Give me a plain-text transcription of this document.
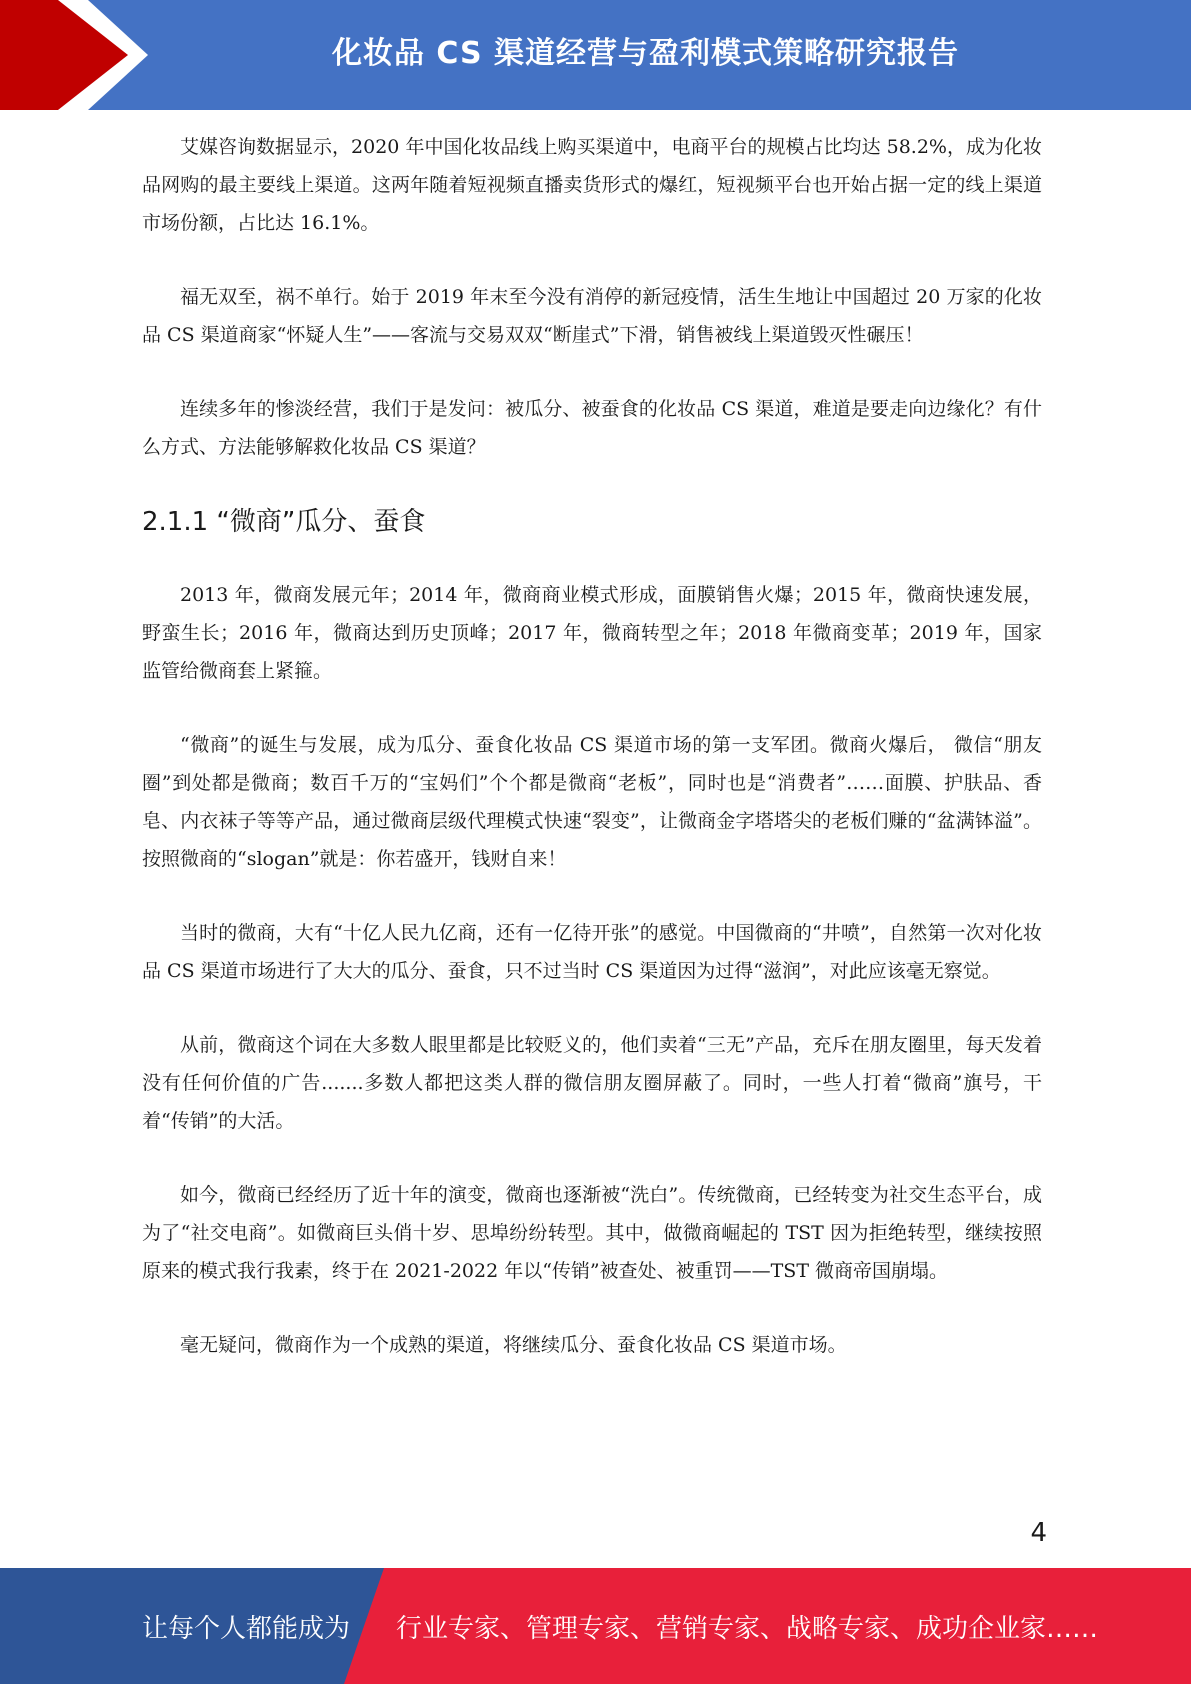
化妆品 CS 渠道经营与盈利模式策略研究报告

艾媒咨询数据显示，2020 年中国化妆品线上购买渠道中，电商平台的规模占比均达 58.2%，成为化妆品网购的最主要线上渠道。这两年随着短视频直播卖货形式的爆红，短视频平台也开始占据一定的线上渠道市场份额，占比达 16.1%。

福无双至，祸不单行。始于 2019 年末至今没有消停的新冠疫情，活生生地让中国超过 20 万家的化妆品 CS 渠道商家“怀疑人生”——客流与交易双双“断崖式”下滑，销售被线上渠道毁灭性碾压！

连续多年的惨淡经营，我们于是发问：被瓜分、被蚕食的化妆品 CS 渠道，难道是要走向边缘化？有什么方式、方法能够解救化妆品 CS 渠道？

2.1.1 “微商”瓜分、蚕食

2013 年，微商发展元年；2014 年，微商商业模式形成，面膜销售火爆；2015 年，微商快速发展，野蛮生长；2016 年，微商达到历史顶峰；2017 年，微商转型之年；2018 年微商变革；2019 年，国家监管给微商套上紧箍。

“微商”的诞生与发展，成为瓜分、蚕食化妆品 CS 渠道市场的第一支军团。微商火爆后， 微信“朋友圈”到处都是微商；数百千万的“宝妈们”个个都是微商“老板”，同时也是“消费者”……面膜、护肤品、香皂、内衣袜子等等产品，通过微商层级代理模式快速“裂变”，让微商金字塔塔尖的老板们赚的“盆满钵溢”。按照微商的“slogan”就是：你若盛开，钱财自来！

当时的微商，大有“十亿人民九亿商，还有一亿待开张”的感觉。中国微商的“井喷”，自然第一次对化妆品 CS 渠道市场进行了大大的瓜分、蚕食，只不过当时 CS 渠道因为过得“滋润”，对此应该毫无察觉。

从前，微商这个词在大多数人眼里都是比较贬义的，他们卖着“三无”产品，充斥在朋友圈里，每天发着没有任何价值的广告.......多数人都把这类人群的微信朋友圈屏蔽了。同时，一些人打着“微商”旗号，干着“传销”的大活。

如今，微商已经经历了近十年的演变，微商也逐渐被“洗白”。传统微商，已经转变为社交生态平台，成为了“社交电商”。如微商巨头俏十岁、思埠纷纷转型。其中，做微商崛起的 TST 因为拒绝转型，继续按照原来的模式我行我素，终于在 2021-2022 年以“传销”被查处、被重罚——TST 微商帝国崩塌。

毫无疑问，微商作为一个成熟的渠道，将继续瓜分、蚕食化妆品 CS 渠道市场。

4
让每个人都能成为 行业专家、管理专家、营销专家、战略专家、成功企业家……
